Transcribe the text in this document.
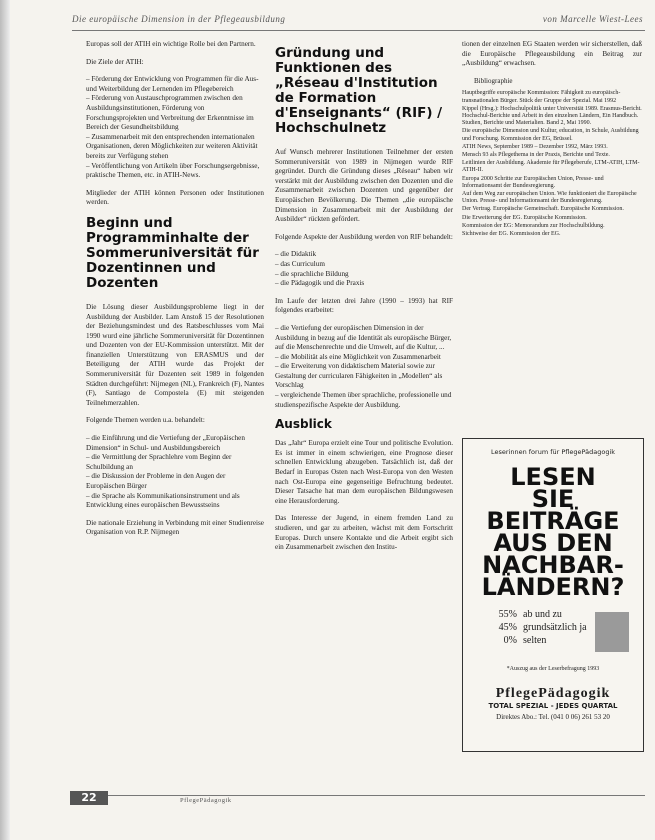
Die europäische Dimension in der Pflegeausbildung	von Marcelle Wiest-Lees

Europas soll der ATIH ein wichtige Rolle bei den Partnern.

Die Ziele der ATIH:

– Förderung der Entwicklung von Programmen für die Aus- und Weiterbildung der Lernenden im Pflegebereich
– Förderung von Austauschprogrammen zwischen den Ausbildungsinstitutionen, Förderung von Forschungsprojekten und Verbreitung der Erkenntnisse im Bereich der Gesundheitsbildung
– Zusammenarbeit mit den entsprechenden internationalen Organisationen, deren Möglichkeiten zur weiteren Aktivität bereits zur Verfügung stehen
– Veröffentlichung von Artikeln über Forschungsergebnisse, praktische Themen, etc. in ATIH-News.

Mitglieder der ATIH können Personen oder Institutionen werden.

Beginn und Programminhalte der Sommeruniversität für Dozentinnen und Dozenten

Die Lösung dieser Ausbildungsprobleme liegt in der Ausbildung der Ausbilder. Lam Anstoß 15 der Resolutionen der Beziehungsmindest und des Ratsbeschlusses vom Mai 1990 wurd eine jährliche Sommeruniversität für Dozentinnen und Dozenten von der EU-Kommission unterstützt. Mit der finanziellen Unterstützung von ERASMUS und der Beteiligung der ATIH wurde das Projekt der Sommeruniversität für Dozenten seit 1989 in folgenden Städten durchgeführt: Nijmegen (NL), Frankreich (F), Nantes (F), Santiago de Compostela (E) mit steigenden Teilnehmerzahlen.

Folgende Themen werden u.a. behandelt:

– die Einführung und die Vertiefung der „Europäischen Dimension“ in Schul- und Ausbildungsbereich
– die Vermittlung der Sprachlehre vom Beginn der Schulbildung an
– die Diskussion der Probleme in den Augen der Europäischen Bürger
– die Sprache als Kommunikationsinstrument und als Entwicklung eines europäischen Bewusstseins

Die nationale Erziehung in Verbindung mit einer Studienreise Organisation von R.P. Nijmegen

Gründung und Funktionen des „Réseau d'Institution de Formation d'Enseignants“ (RIF) / Hochschulnetz

Auf Wunsch mehrerer Institutionen Teilnehmer der ersten Sommeruniversität von 1989 in Nijmegen wurde RIF gegründet. Durch die Gründung dieses „Réseau“ haben wir verstärkt mit der Ausbildung zwischen den Dozenten und die Zusammenarbeit zwischen Dozenten und gegenüber der Europäischen Bevölkerung. Die Themen „die europäische Dimension in Zusammenarbeit mit der Ausbildung der Ausbilder“ rückten gefördert.

Folgende Aspekte der Ausbildung werden von RIF behandelt:

– die Didaktik
– das Curriculum
– die sprachliche Bildung
– die Pädagogik und die Praxis

Im Laufe der letzten drei Jahre (1990 – 1993) hat RIF folgendes erarbeitet:

– die Vertiefung der europäischen Dimension in der Ausbildung in bezug auf die Identität als europäische Bürger, auf die Menschenrechte und die Umwelt, auf die Kultur, ...
– die Mobilität als eine Möglichkeit von Zusammenarbeit
– die Erweiterung von didaktischem Material sowie zur Gestaltung der curricularen Fähigkeiten in „Modellen“ als Vorschlag
– vergleichende Themen über sprachliche, professionelle und studienspezifische Aspekte der Ausbildung.
Ausblick

Das „Jahr“ Europa erzielt eine Tour und politische Evolution. Es ist immer in einem schwierigen, eine Prognose dieser schnellen Entwicklung abzugeben. Tatsächlich ist, daß der Bedarf in Europas Osten nach West-Europa von den Westen nach Ost-Europa eine gegenseitige Befruchtung bedeutet. Dieser Tatsache hat man dem europäischen Bildungswesen eine Herausforderung.

Das Interesse der Jugend, in einem fremden Land zu studieren, und gar zu arbeiten, wächst mit dem Fortschritt Europas. Durch unsere Kontakte und die Arbeit ergibt sich ein Zusammenarbeit zwischen den Institu-

tionen der einzelnen EG Staaten werden wir sicherstellen, daß die Europäische Pflegeausbildung ein Beitrag zur „Ausbildung“ erwachsen.

Bibliographie
Hauptbegriffe europäische Kommission: Fähigkeit zu europäisch-transnationalen Bürger. Stück der Gruppe der Spezial. Mai 1992
Kippel (Hrsg.): Hochschulpolitik unter Universität 1989. Erasmus-Bericht. Hochschul-Berichte und Arbeit in den einzelnen Ländern, Ein Handbuch. Studien, Berichte und Materialien. Band 2, Mai 1990.
Die europäische Dimension und Kultur, education, in Schule, Ausbildung und Forschung. Kommission der EG, Brüssel.
ATIH News, September 1989 – Dezember 1992, März 1993.
Mensch 93 als Pflegethema in der Praxis, Berichte und Texte.
Leitlinien der Ausbildung. Akademie für Pflegeberufe, LTM-ATIH, LTM-ATIH-II.
Europa 2000 Schritte zur Europäischen Union, Presse- und Informationsamt der Bundesregierung.
Auf dem Weg zur europäischen Union. Wie funktioniert die Europäische Union. Presse- und Informationsamt der Bundesregierung.
Der Vertrag. Europäische Gemeinschaft. Europäische Kommission.
Die Erweiterung der EG. Europäische Kommission.
Kommission der EG: Memorandum zur Hochschulbildung.
Sichtweise der EG. Kommission der EG.
Leserinnen forum für PflegePädagogik
LESEN
SIE
BEITRÄGE
AUS DEN
NACHBAR-
LÄNDERN?
55% ab und zu
45% grundsätzlich ja
0% selten
*Auszug aus der Leserbefragung 1993
PflegePädagogik
TOTAL SPEZIAL - JEDES QUARTAL
Direktes Abo.: Tel. (041 0 06) 261 53 20
22	PflegePädagogik
